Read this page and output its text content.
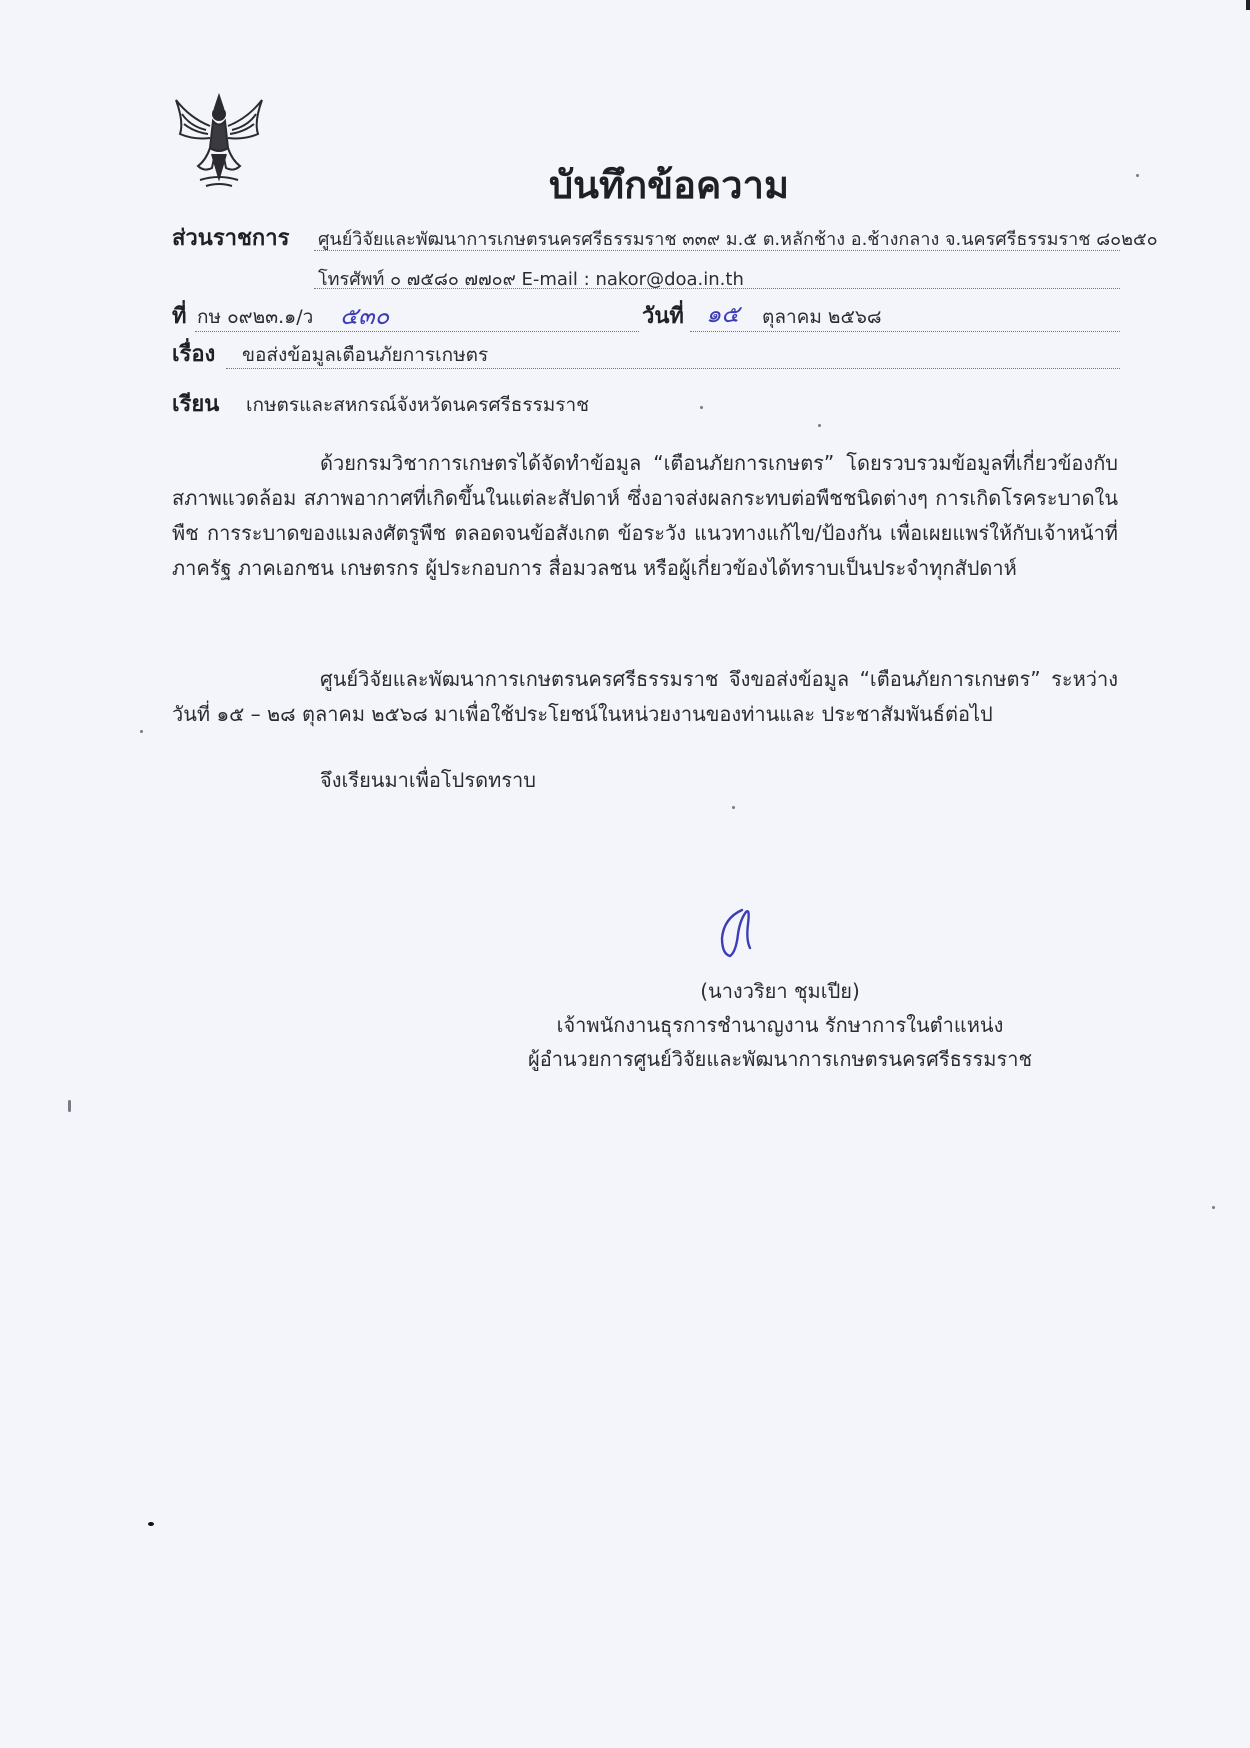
บันทึกข้อความ
ส่วนราชการ ศูนย์วิจัยและพัฒนาการเกษตรนครศรีธรรมราช ๓๓๙ ม.๕ ต.หลักช้าง อ.ช้างกลาง จ.นครศรีธรรมราช ๘๐๒๕๐
โทรศัพท์ ๐ ๗๕๘๐ ๗๗๐๙ E-mail : nakor@doa.in.th
ที่ กษ ๐๙๒๓.๑/ว ๕๓๐	วันที่ ๑๕ ตุลาคม ๒๕๖๘
เรื่อง ขอส่งข้อมูลเตือนภัยการเกษตร
เรียน เกษตรและสหกรณ์จังหวัดนครศรีธรรมราช

ด้วยกรมวิชาการเกษตรได้จัดทำข้อมูล “เตือนภัยการเกษตร” โดยรวบรวมข้อมูลที่เกี่ยวข้องกับสภาพแวดล้อม สภาพอากาศที่เกิดขึ้นในแต่ละสัปดาห์ ซึ่งอาจส่งผลกระทบต่อพืชชนิดต่างๆ การเกิดโรคระบาดในพืช การระบาดของแมลงศัตรูพืช ตลอดจนข้อสังเกต ข้อระวัง แนวทางแก้ไข/ป้องกัน เพื่อเผยแพร่ให้กับเจ้าหน้าที่ภาครัฐ ภาคเอกชน เกษตรกร ผู้ประกอบการ สื่อมวลชน หรือผู้เกี่ยวข้องได้ทราบเป็นประจำทุกสัปดาห์

ศูนย์วิจัยและพัฒนาการเกษตรนครศรีธรรมราช จึงขอส่งข้อมูล “เตือนภัยการเกษตร” ระหว่างวันที่ ๑๕ – ๒๘ ตุลาคม ๒๕๖๘ มาเพื่อใช้ประโยชน์ในหน่วยงานของท่านและ ประชาสัมพันธ์ต่อไป

จึงเรียนมาเพื่อโปรดทราบ
(นางวริยา ชุมเปีย)
เจ้าพนักงานธุรการชำนาญงาน รักษาการในตำแหน่ง
ผู้อำนวยการศูนย์วิจัยและพัฒนาการเกษตรนครศรีธรรมราช
